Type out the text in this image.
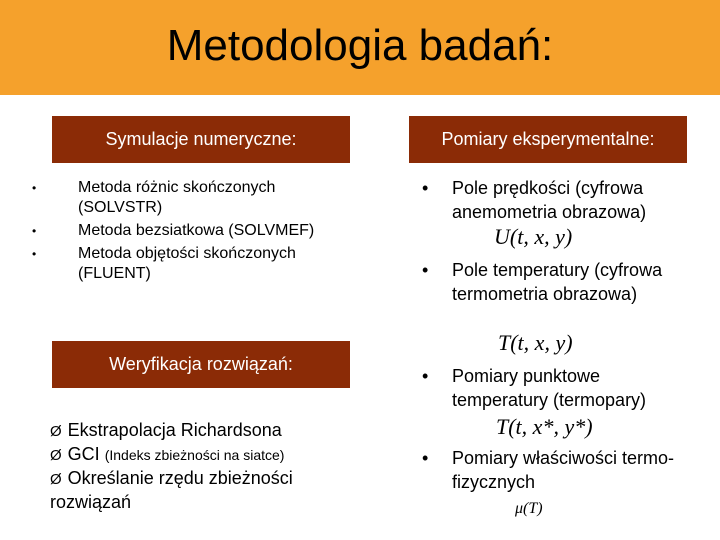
Metodologia badań:
Symulacje numeryczne:
•	Metoda różnic skończonych (SOLVSTR)
•	Metoda bezsiatkowa (SOLVMEF)
•	Metoda objętości skończonych (FLUENT)
Weryfikacja rozwiązań:
Ø Ekstrapolacja Richardsona
Ø GCI (Indeks zbieżności na siatce)
Ø Określanie rzędu zbieżności rozwiązań
Pomiary eksperymentalne:
•	Pole prędkości (cyfrowa anemometria obrazowa)
U(t, x, y)
•	Pole temperatury (cyfrowa termometria obrazowa)
T(t, x, y)
•	Pomiary punktowe temperatury (termopary)
T(t, x*, y*)
•	Pomiary właściwości termo-fizycznych
μ(T)
